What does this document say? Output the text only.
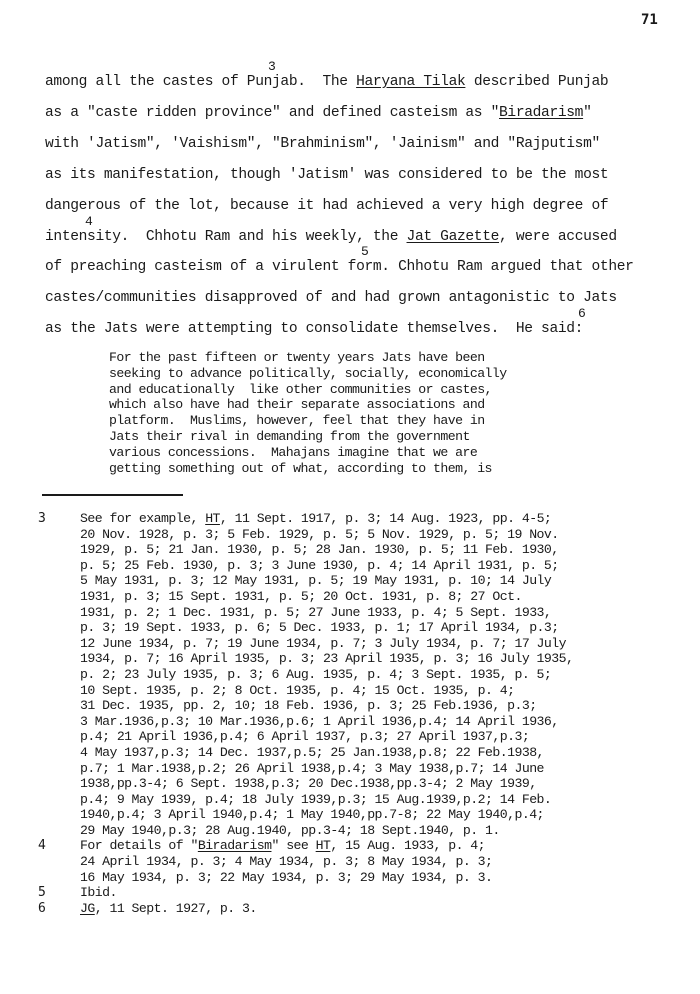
71
among all the castes of Punjab.  The Haryana Tilak described Punjab
3
as a "caste ridden province" and defined casteism as "Biradarism"
with 'Jatism", 'Vaishism", "Brahminism", 'Jainism" and "Rajputism"
as its manifestation, though 'Jatism' was considered to be the most
dangerous of the lot, because it had achieved a very high degree of
intensity.  Chhotu Ram and his weekly, the Jat Gazette, were accused
4
of preaching casteism of a virulent form. Chhotu Ram argued that other
5
castes/communities disapproved of and had grown antagonistic to Jats
as the Jats were attempting to consolidate themselves.  He said:
6
For the past fifteen or twenty years Jats have been
seeking to advance politically, socially, economically
and educationally  like other communities or castes,
which also have had their separate associations and
platform.  Muslims, however, feel that they have in
Jats their rival in demanding from the government
various concessions.  Mahajans imagine that we are
getting something out of what, according to them, is
3	See for example, HT, 11 Sept. 1917, p. 3; 14 Aug. 1923, pp. 4-5;
20 Nov. 1928, p. 3; 5 Feb. 1929, p. 5; 5 Nov. 1929, p. 5; 19 Nov.
1929, p. 5; 21 Jan. 1930, p. 5; 28 Jan. 1930, p. 5; 11 Feb. 1930,
p. 5; 25 Feb. 1930, p. 3; 3 June 1930, p. 4; 14 April 1931, p. 5;
5 May 1931, p. 3; 12 May 1931, p. 5; 19 May 1931, p. 10; 14 July
1931, p. 3; 15 Sept. 1931, p. 5; 20 Oct. 1931, p. 8; 27 Oct.
1931, p. 2; 1 Dec. 1931, p. 5; 27 June 1933, p. 4; 5 Sept. 1933,
p. 3; 19 Sept. 1933, p. 6; 5 Dec. 1933, p. 1; 17 April 1934, p.3;
12 June 1934, p. 7; 19 June 1934, p. 7; 3 July 1934, p. 7; 17 July
1934, p. 7; 16 April 1935, p. 3; 23 April 1935, p. 3; 16 July 1935,
p. 2; 23 July 1935, p. 3; 6 Aug. 1935, p. 4; 3 Sept. 1935, p. 5;
10 Sept. 1935, p. 2; 8 Oct. 1935, p. 4; 15 Oct. 1935, p. 4;
31 Dec. 1935, pp. 2, 10; 18 Feb. 1936, p. 3; 25 Feb.1936, p.3;
3 Mar.1936,p.3; 10 Mar.1936,p.6; 1 April 1936,p.4; 14 April 1936,
p.4; 21 April 1936,p.4; 6 April 1937, p.3; 27 April 1937,p.3;
4 May 1937,p.3; 14 Dec. 1937,p.5; 25 Jan.1938,p.8; 22 Feb.1938,
p.7; 1 Mar.1938,p.2; 26 April 1938,p.4; 3 May 1938,p.7; 14 June
1938,pp.3-4; 6 Sept. 1938,p.3; 20 Dec.1938,pp.3-4; 2 May 1939,
p.4; 9 May 1939, p.4; 18 July 1939,p.3; 15 Aug.1939,p.2; 14 Feb.
1940,p.4; 3 April 1940,p.4; 1 May 1940,pp.7-8; 22 May 1940,p.4;
29 May 1940,p.3; 28 Aug.1940, pp.3-4; 18 Sept.1940, p. 1.
4	For details of "Biradarism" see HT, 15 Aug. 1933, p. 4;
24 April 1934, p. 3; 4 May 1934, p. 3; 8 May 1934, p. 3;
16 May 1934, p. 3; 22 May 1934, p. 3; 29 May 1934, p. 3.
5	Ibid.
6	JG, 11 Sept. 1927, p. 3.
